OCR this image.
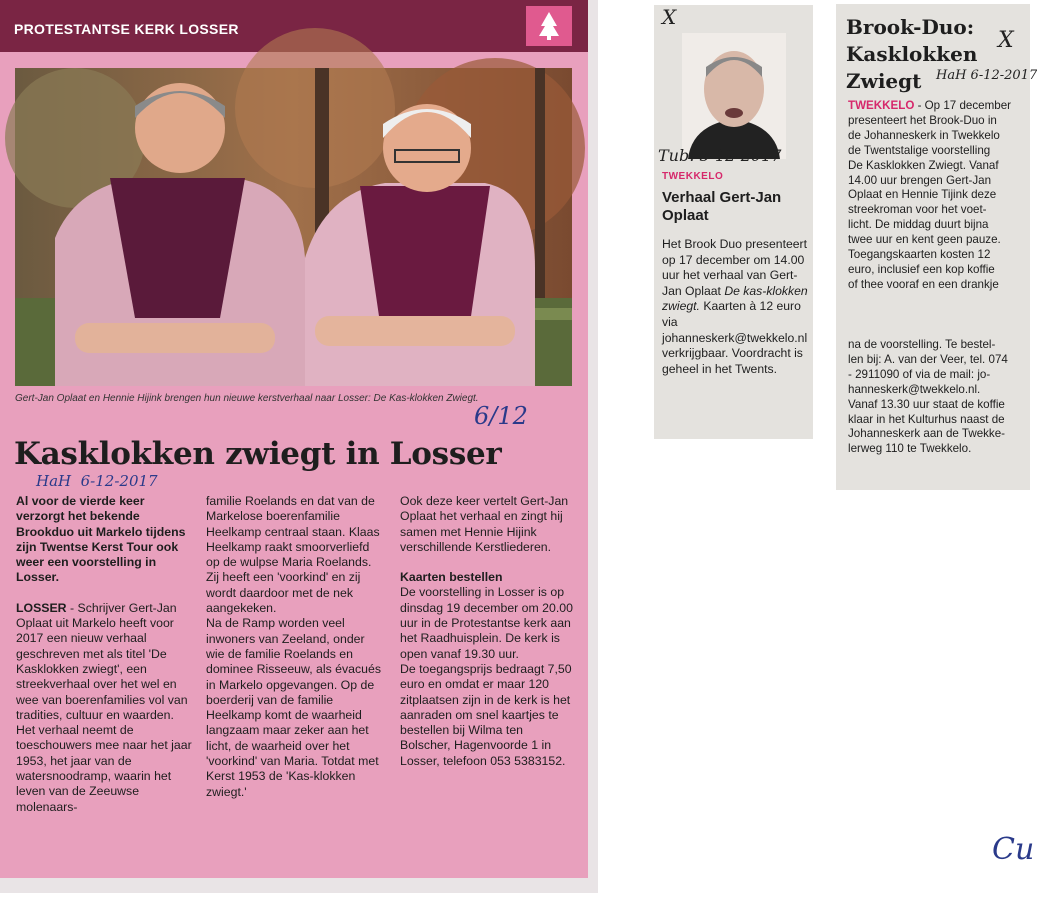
PROTESTANTSE KERK LOSSER
Gert-Jan Oplaat en Hennie Hijink brengen hun nieuwe kerstverhaal naar Losser: De Kas-klokken Zwiegt.
6/12
Kasklokken zwiegt in Losser
HaH  6-12-2017

Al voor de vierde keer verzorgt het bekende Brookduo uit Markelo tijdens zijn Twentse Kerst Tour ook weer een voorstelling in Losser.

LOSSER - Schrijver Gert-Jan Oplaat uit Markelo heeft voor 2017 een nieuw verhaal geschreven met als titel 'De Kasklokken zwiegt', een streekverhaal over het wel en wee van boerenfamilies vol van tradities, cultuur en waarden.

Het verhaal neemt de toeschouwers mee naar het jaar 1953, het jaar van de watersnoodramp, waarin het leven van de Zeeuwse molenaars-

familie Roelands en dat van de Markelose boerenfamilie Heelkamp centraal staan. Klaas Heelkamp raakt smoorverliefd op de wulpse Maria Roelands. Zij heeft een 'voorkind' en zij wordt daardoor met de nek aangekeken.

Na de Ramp worden veel inwoners van Zeeland, onder wie de familie Roelands en dominee Risseeuw, als évacués in Markelo opgevangen. Op de boerderij van de familie Heelkamp komt de waarheid langzaam maar zeker aan het licht, de waarheid over het 'voorkind' van Maria. Totdat met Kerst 1953 de 'Kas-klokken zwiegt.'

Ook deze keer vertelt Gert-Jan Oplaat het verhaal en zingt hij samen met Hennie Hijink verschillende Kerstliederen.

Kaarten bestellen

De voorstelling in Losser is op dinsdag 19 december om 20.00 uur in de Protestantse kerk aan het Raadhuisplein. De kerk is open vanaf 19.30 uur.

De toegangsprijs bedraagt 7,50 euro en omdat er maar 120 zitplaatsen zijn in de kerk is het aanraden om snel kaartjes te bestellen bij Wilma ten Bolscher, Hagenvoorde 1 in Losser, telefoon 053 5383152.

X
Tub. 5-12-2017
TWEKKELO
Verhaal Gert-Jan Oplaat
Het Brook Duo presenteert op 17 december om 14.00 uur het verhaal van Gert-Jan Oplaat De kas-klokken zwiegt. Kaarten à 12 euro via johanneskerk@twekkelo.nl verkrijgbaar. Voordracht is geheel in het Twents.
Brook-Duo:
Kasklokken
Zwiegt
X
HaH 6-12-2017
TWEKKELO - Op 17 december
presenteert het Brook-Duo in
de Johanneskerk in Twekkelo
de Twentstalige voorstelling
De Kasklokken Zwiegt. Vanaf
14.00 uur brengen Gert-Jan
Oplaat en Hennie Tijink deze
streekroman voor het voet-
licht. De middag duurt bijna
twee uur en kent geen pauze.
Toegangskaarten kosten 12
euro, inclusief een kop koffie
of thee vooraf en een drankje
na de voorstelling. Te bestel-
len bij: A. van der Veer, tel. 074
- 2911090 of via de mail: jo-
hanneskerk@twekkelo.nl.
Vanaf 13.30 uur staat de koffie
klaar in het Kulturhus naast de
Johanneskerk aan de Twekke-
lerweg 110 te Twekkelo.
Cu
